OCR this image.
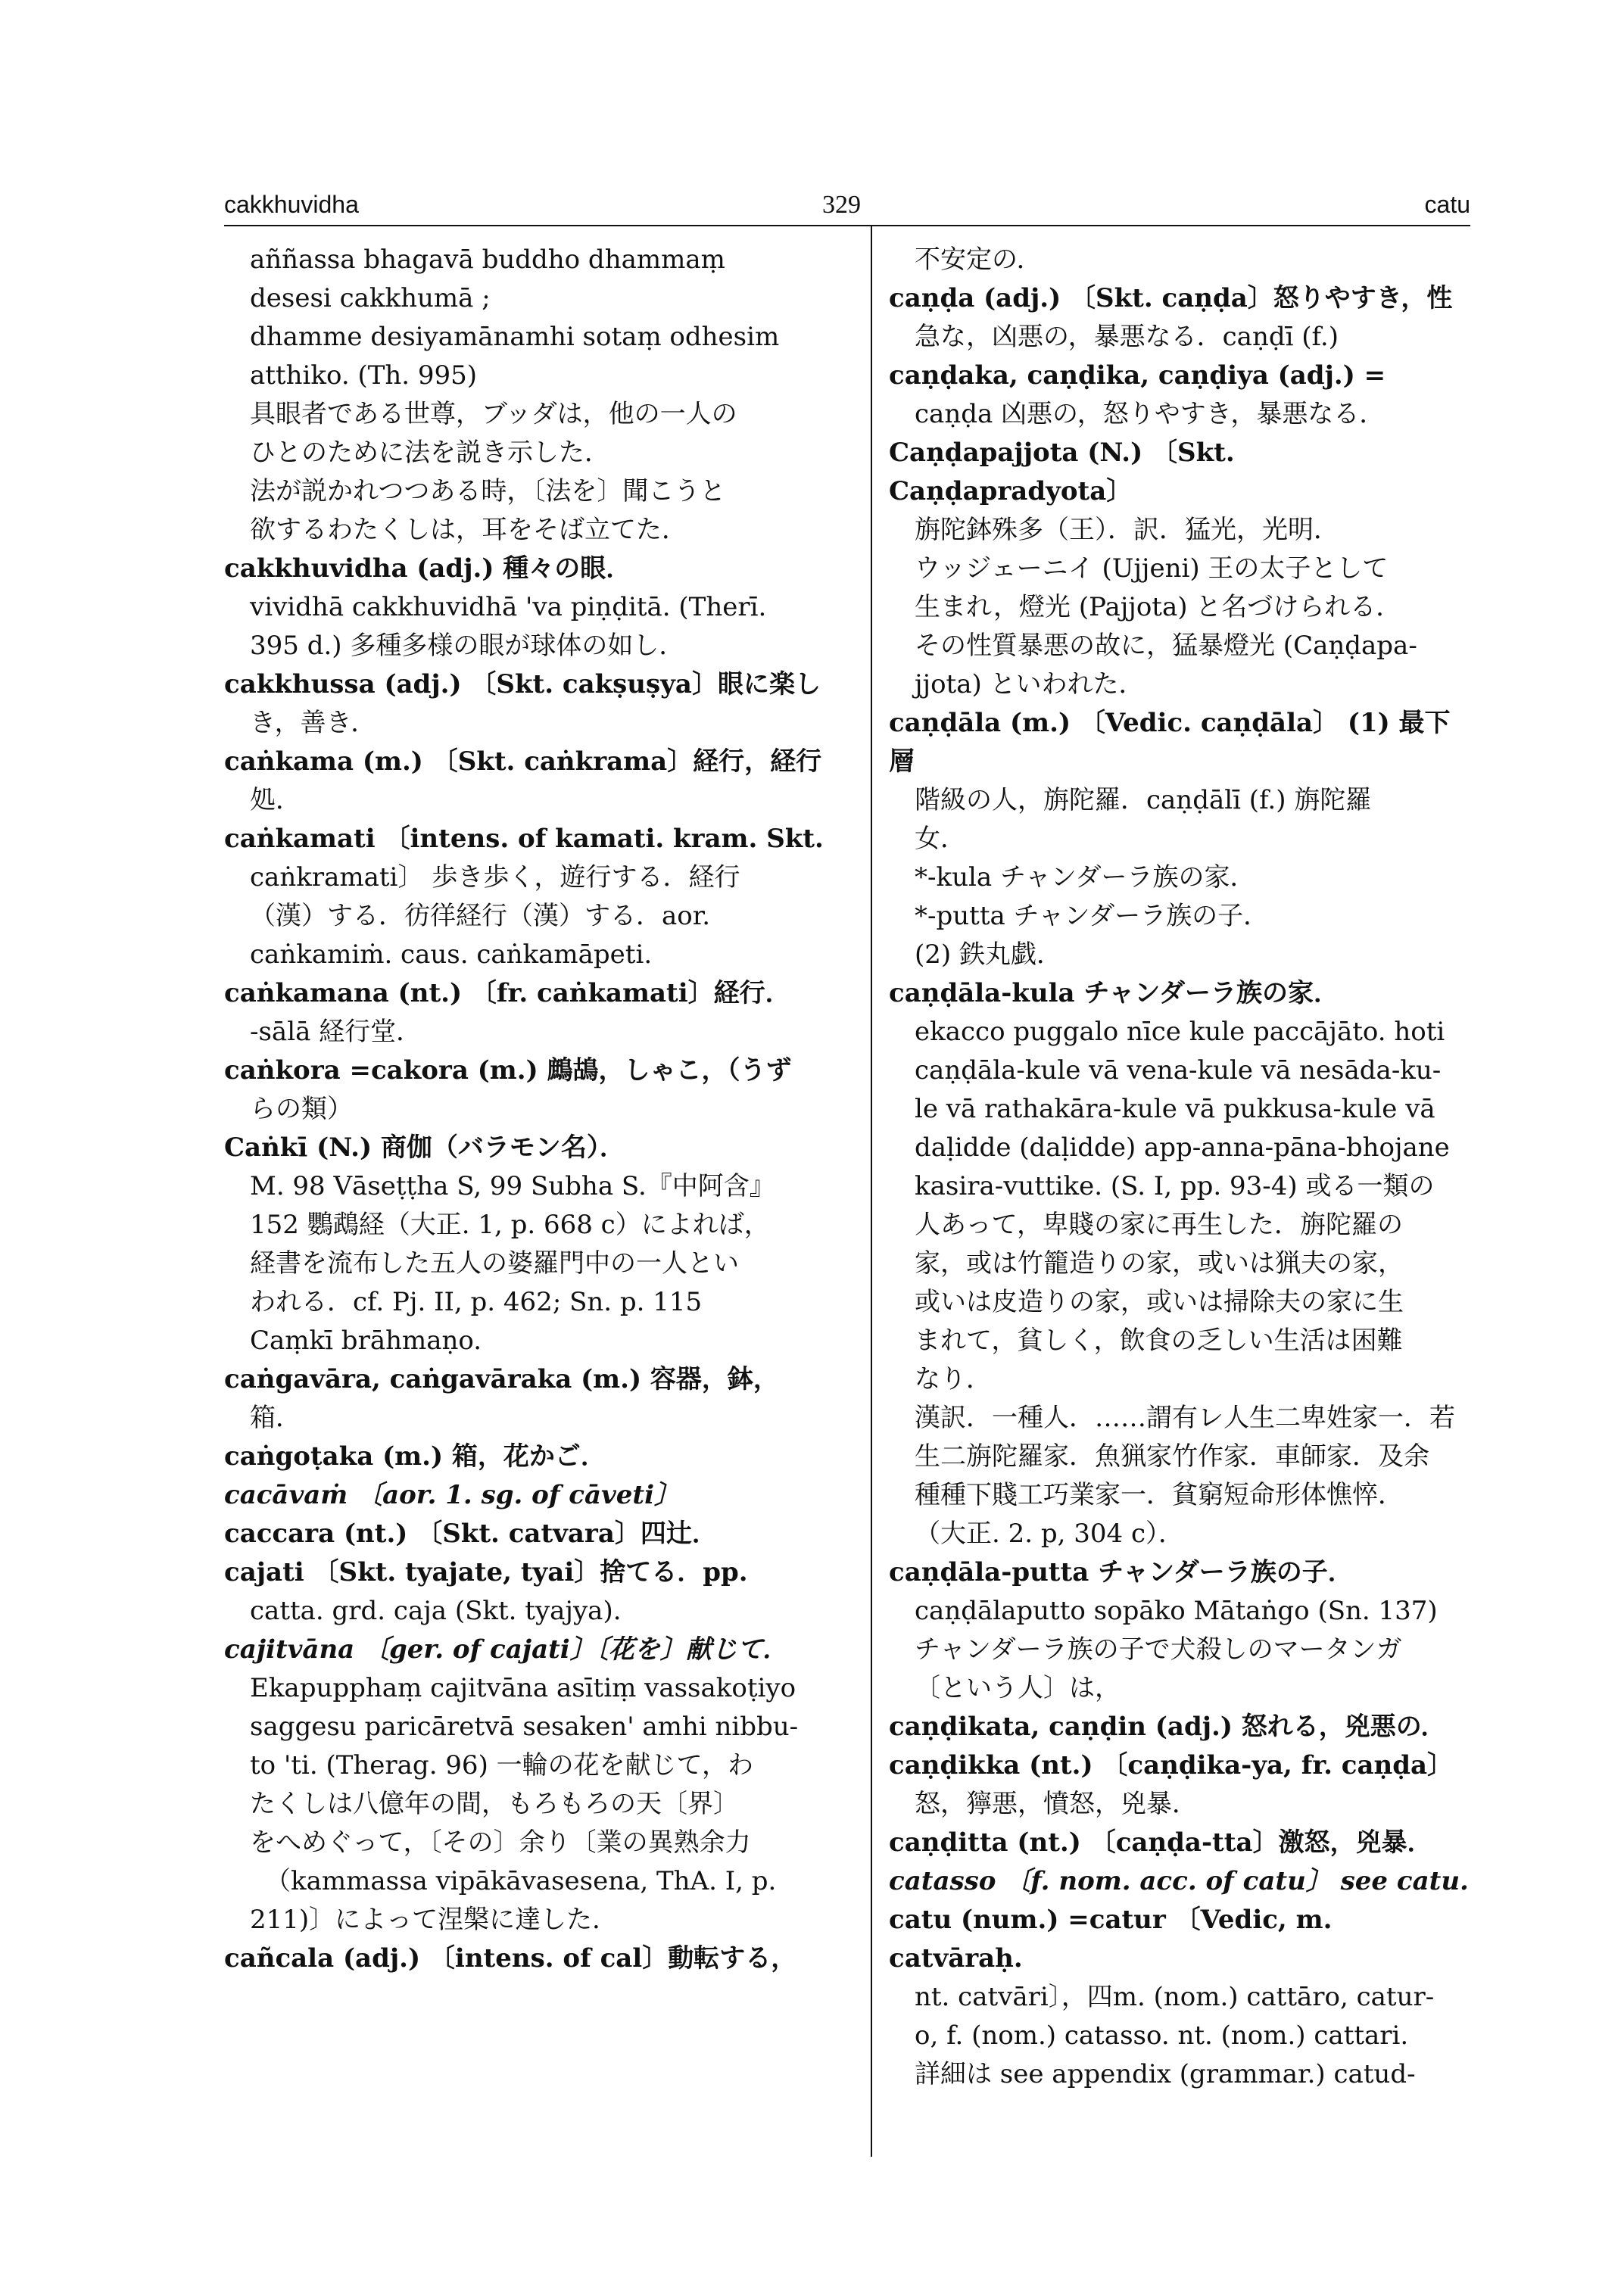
cakkhuvidha	329	catu
aññassa bhagavā buddho dhammaṃ
desesi cakkhumā ;
dhamme desiyamānamhi sotaṃ odhesim
atthiko. (Th. 995)
具眼者である世尊，ブッダは，他の一人の
ひとのために法を説き示した．
法が説かれつつある時，〔法を〕聞こうと
欲するわたくしは，耳をそば立てた．
cakkhuvidha (adj.) 種々の眼．
vividhā cakkhuvidhā 'va piṇḍitā. (Therī.
395 d.) 多種多様の眼が球体の如し．
cakkhussa (adj.) 〔Skt. cakṣuṣya〕眼に楽し
き，善き．
caṅkama (m.) 〔Skt. caṅkrama〕経行，経行
処．
caṅkamati 〔intens. of kamati. kram. Skt.
caṅkramati〕 歩き歩く，遊行する．経行
（漢）する．彷徉経行（漢）する．aor.
caṅkamiṁ. caus. caṅkamāpeti.
caṅkamana (nt.) 〔fr. caṅkamati〕経行．
-sālā 経行堂．
caṅkora =cakora (m.) 鷓鴣，しゃこ，（うず
らの類）
Caṅkī (N.) 商伽（バラモン名）．
M. 98 Vāseṭṭha S, 99 Subha S.『中阿含』
152 鸚鵡経（大正. 1, p. 668 c）によれば，
経書を流布した五人の婆羅門中の一人とい
われる．cf. Pj. II, p. 462; Sn. p. 115
Caṃkī brāhmaṇo.
caṅgavāra, caṅgavāraka (m.) 容器，鉢，
箱．
caṅgoṭaka (m.) 箱，花かご．
cacāvaṁ 〔aor. 1. sg. of cāveti〕
caccara (nt.) 〔Skt. catvara〕四辻．
cajati 〔Skt. tyajate, tyai〕捨てる．pp.
catta. grd. caja (Skt. tyajya).
cajitvāna 〔ger. of cajati〕〔花を〕献じて．
Ekapupphaṃ cajitvāna asītiṃ vassakoṭiyo
saggesu paricāretvā sesaken' amhi nibbu-
to 'ti. (Therag. 96) 一輪の花を献じて，わ
たくしは八億年の間，もろもろの天〔界〕
をへめぐって，〔その〕余り〔業の異熟余力
（kammassa vipākāvasesena, ThA. I, p.
211)〕によって涅槃に達した．
cañcala (adj.) 〔intens. of cal〕動転する，
不安定の．
caṇḍa (adj.) 〔Skt. caṇḍa〕怒りやすき，性
急な，凶悪の，暴悪なる．caṇḍī (f.)
caṇḍaka, caṇḍika, caṇḍiya (adj.) =
caṇḍa 凶悪の，怒りやすき，暴悪なる．
Caṇḍapajjota (N.) 〔Skt. Caṇḍapradyota〕
旃陀鉢殊多（王）．訳．猛光，光明．
ウッジェーニイ (Ujjeni) 王の太子として
生まれ，燈光 (Pajjota) と名づけられる．
その性質暴悪の故に，猛暴燈光 (Caṇḍapa-
jjota) といわれた．
caṇḍāla (m.) 〔Vedic. caṇḍāla〕 (1) 最下層
階級の人，旃陀羅．caṇḍālī (f.) 旃陀羅
女．
*-kula チャンダーラ族の家．
*-putta チャンダーラ族の子．
(2) 鉄丸戯．
caṇḍāla-kula チャンダーラ族の家．
ekacco puggalo nīce kule paccājāto. hoti
caṇḍāla-kule vā vena-kule vā nesāda-ku-
le vā rathakāra-kule vā pukkusa-kule vā
daḷidde (daḷidde) app-anna-pāna-bhojane
kasira-vuttike. (S. I, pp. 93-4) 或る一類の
人あって，卑賤の家に再生した．旃陀羅の
家，或は竹籠造りの家，或いは猟夫の家，
或いは皮造りの家，或いは掃除夫の家に生
まれて，貧しく，飲食の乏しい生活は困難
なり．
漢訳．一種人．……謂有レ人生二卑姓家一．若
生二旃陀羅家．魚猟家竹作家．車師家．及余
種種下賤工巧業家一．貧窮短命形体憔悴．
（大正. 2. p, 304 c）．
caṇḍāla-putta チャンダーラ族の子．
caṇḍālaputto sopāko Mātaṅgo (Sn. 137)
チャンダーラ族の子で犬殺しのマータンガ
〔という人〕は，
caṇḍikata, caṇḍin (adj.) 怒れる，兇悪の．
caṇḍikka (nt.) 〔caṇḍika-ya, fr. caṇḍa〕
怒，獰悪，憤怒，兇暴．
caṇḍitta (nt.) 〔caṇḍa-tta〕激怒，兇暴．
catasso 〔f. nom. acc. of catu〕 see catu.
catu (num.) =catur 〔Vedic, m. catvāraḥ.
nt. catvāri〕，四m. (nom.) cattāro, catur-
o, f. (nom.) catasso. nt. (nom.) cattari.
詳細は see appendix (grammar.) catud-
